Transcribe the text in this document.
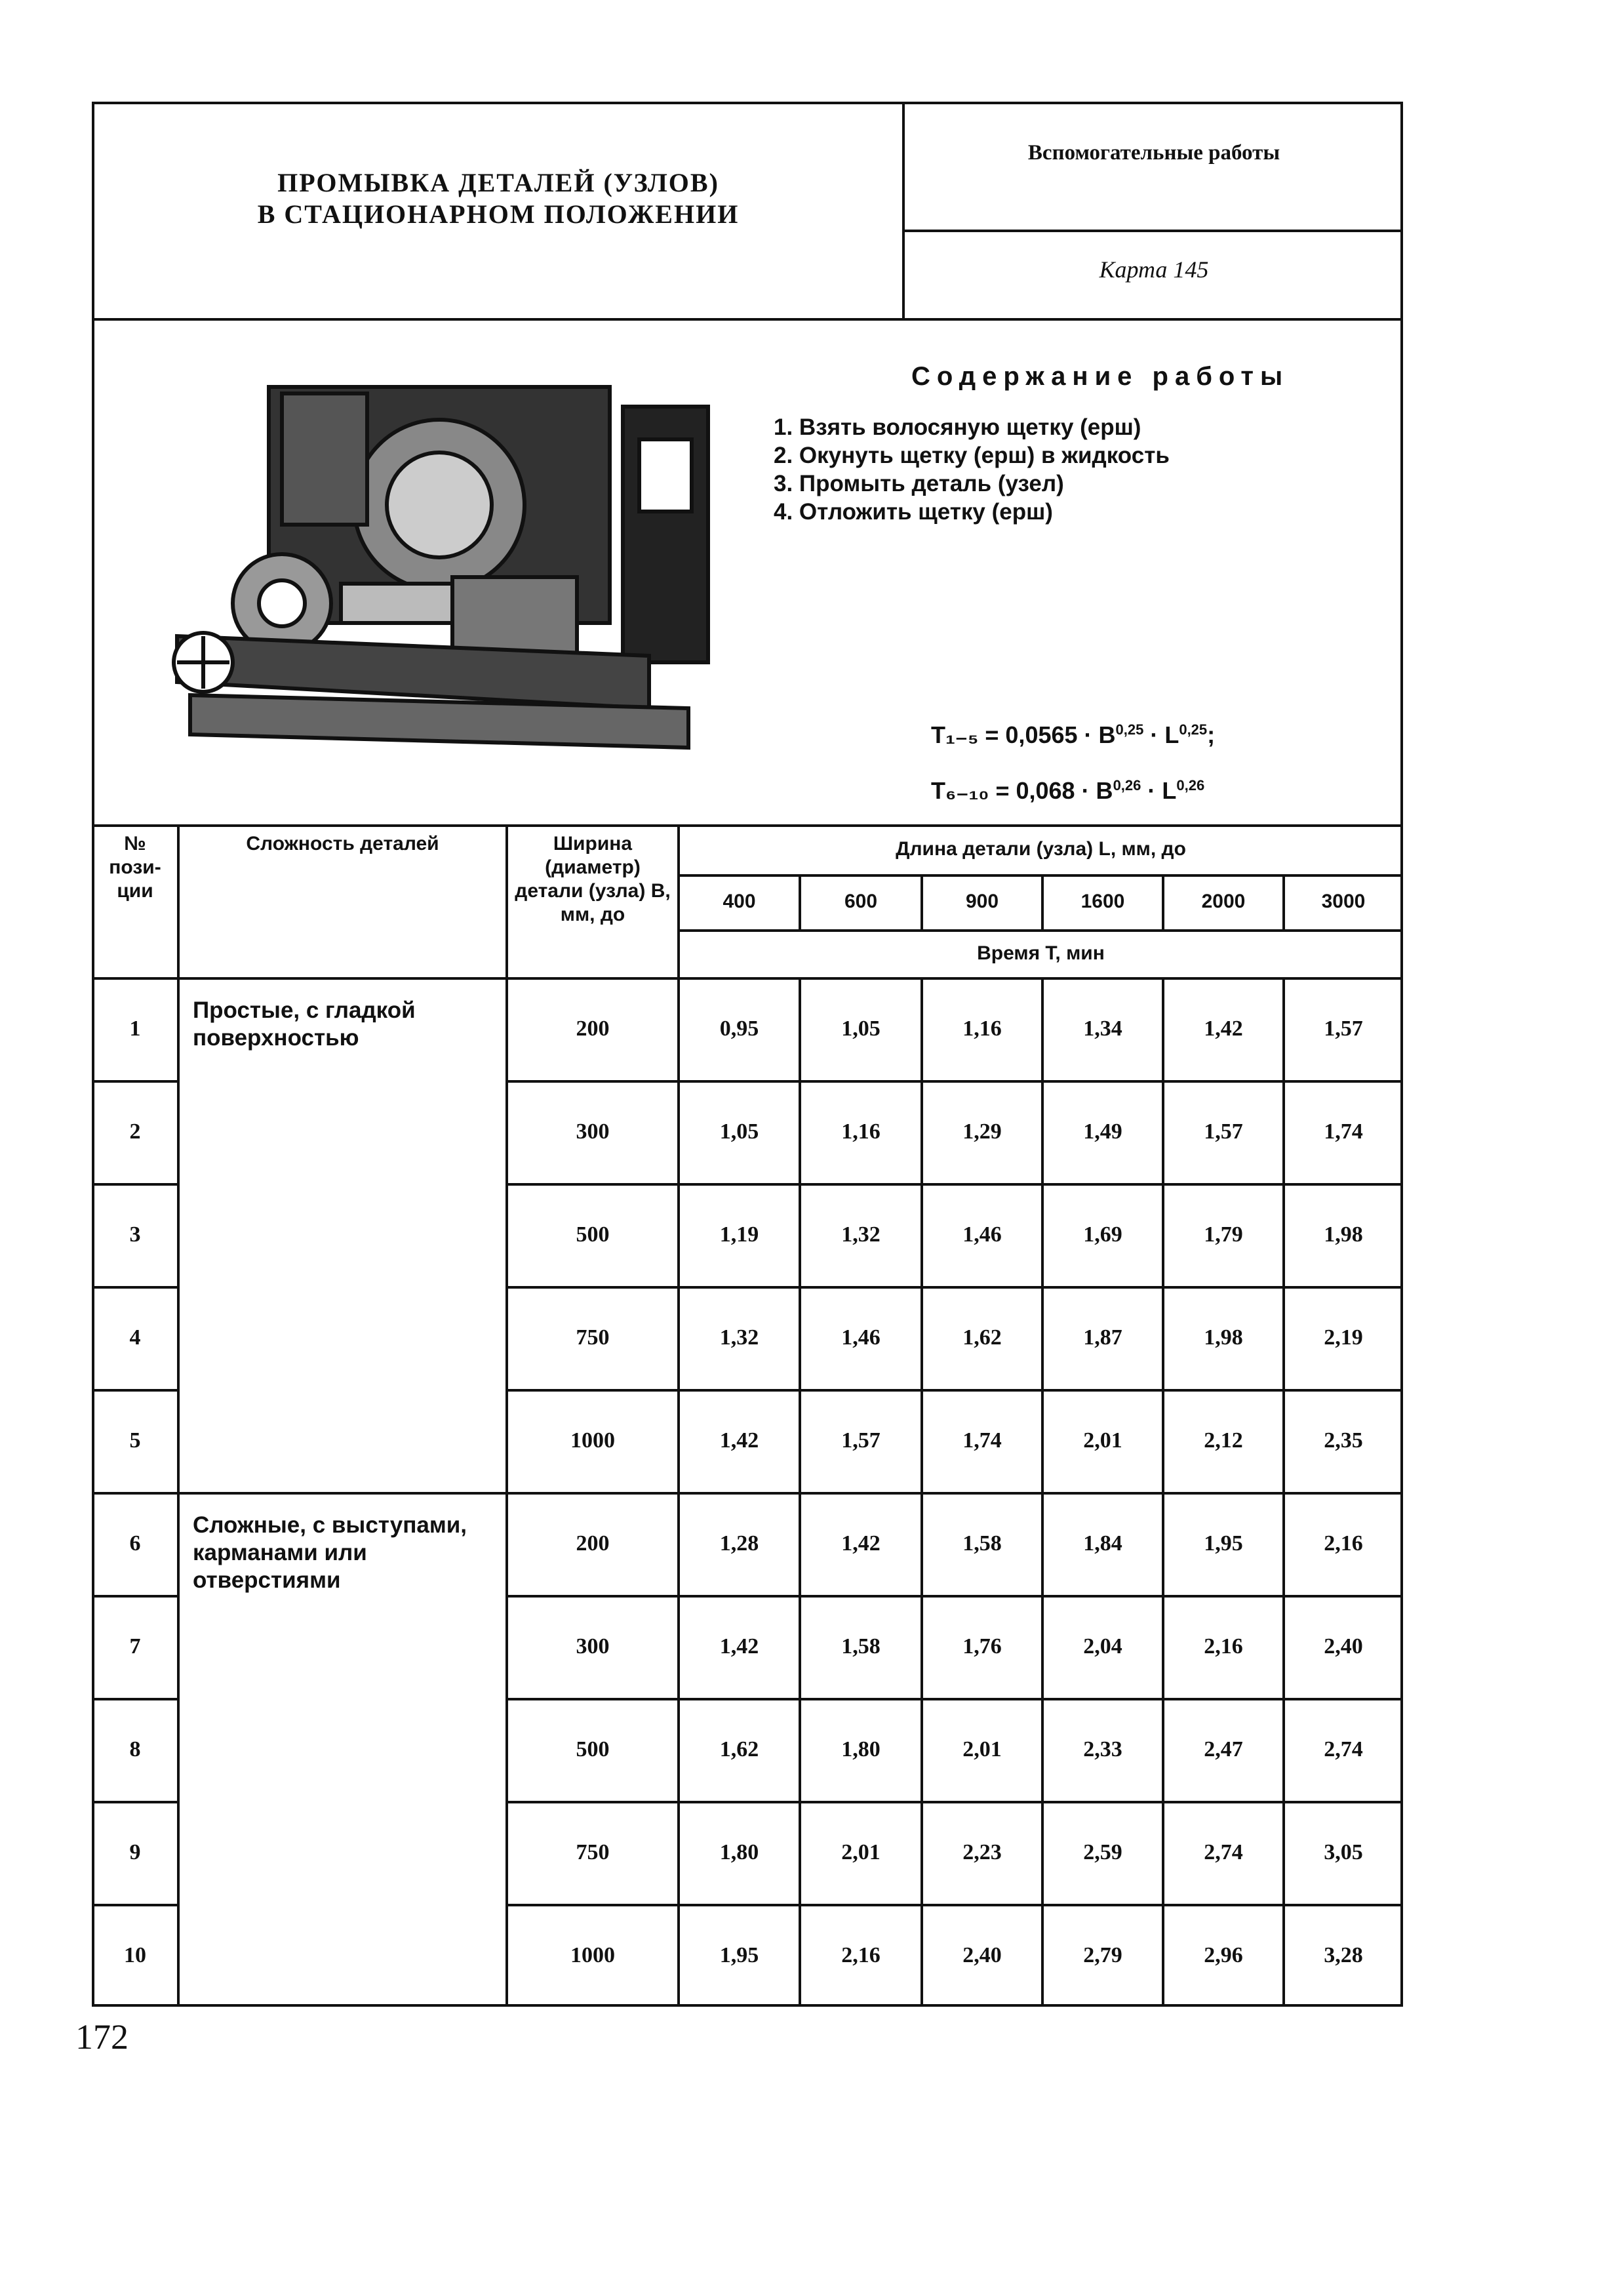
ПРОМЫВКА ДЕТАЛЕЙ (УЗЛОВ)
В СТАЦИОНАРНОМ ПОЛОЖЕНИИ
Вспомогательные работы
Карта 145
Содержание работы
1. Взять волосяную щетку (ерш)
2. Окунуть щетку (ерш) в жидкость
3. Промыть деталь (узел)
4. Отложить щетку (ерш)
T₁₋₅ = 0,0565 · B$^{0,25}$ · L$^{0,25}$;
T₆₋₁₀ = 0,068 · B$^{0,26}$ · L$^{0,26}$
№ пози-ции
Сложность деталей	Ширина (диаметр) детали (узла) B, мм, до
Длина детали (узла) L, мм, до
400	600	900	1600	2000	3000
Время T, мин
Простые, с гладкой поверхностью
Сложные, с выступами, карманами или отверстиями
1	200	0,95	1,05	1,16	1,34	1,42	1,57
2	300	1,05	1,16	1,29	1,49	1,57	1,74
3	500	1,19	1,32	1,46	1,69	1,79	1,98
4	750	1,32	1,46	1,62	1,87	1,98	2,19
5	1000	1,42	1,57	1,74	2,01	2,12	2,35
6	200	1,28	1,42	1,58	1,84	1,95	2,16
7	300	1,42	1,58	1,76	2,04	2,16	2,40
8	500	1,62	1,80	2,01	2,33	2,47	2,74
9	750	1,80	2,01	2,23	2,59	2,74	3,05
10	1000	1,95	2,16	2,40	2,79	2,96	3,28
172
